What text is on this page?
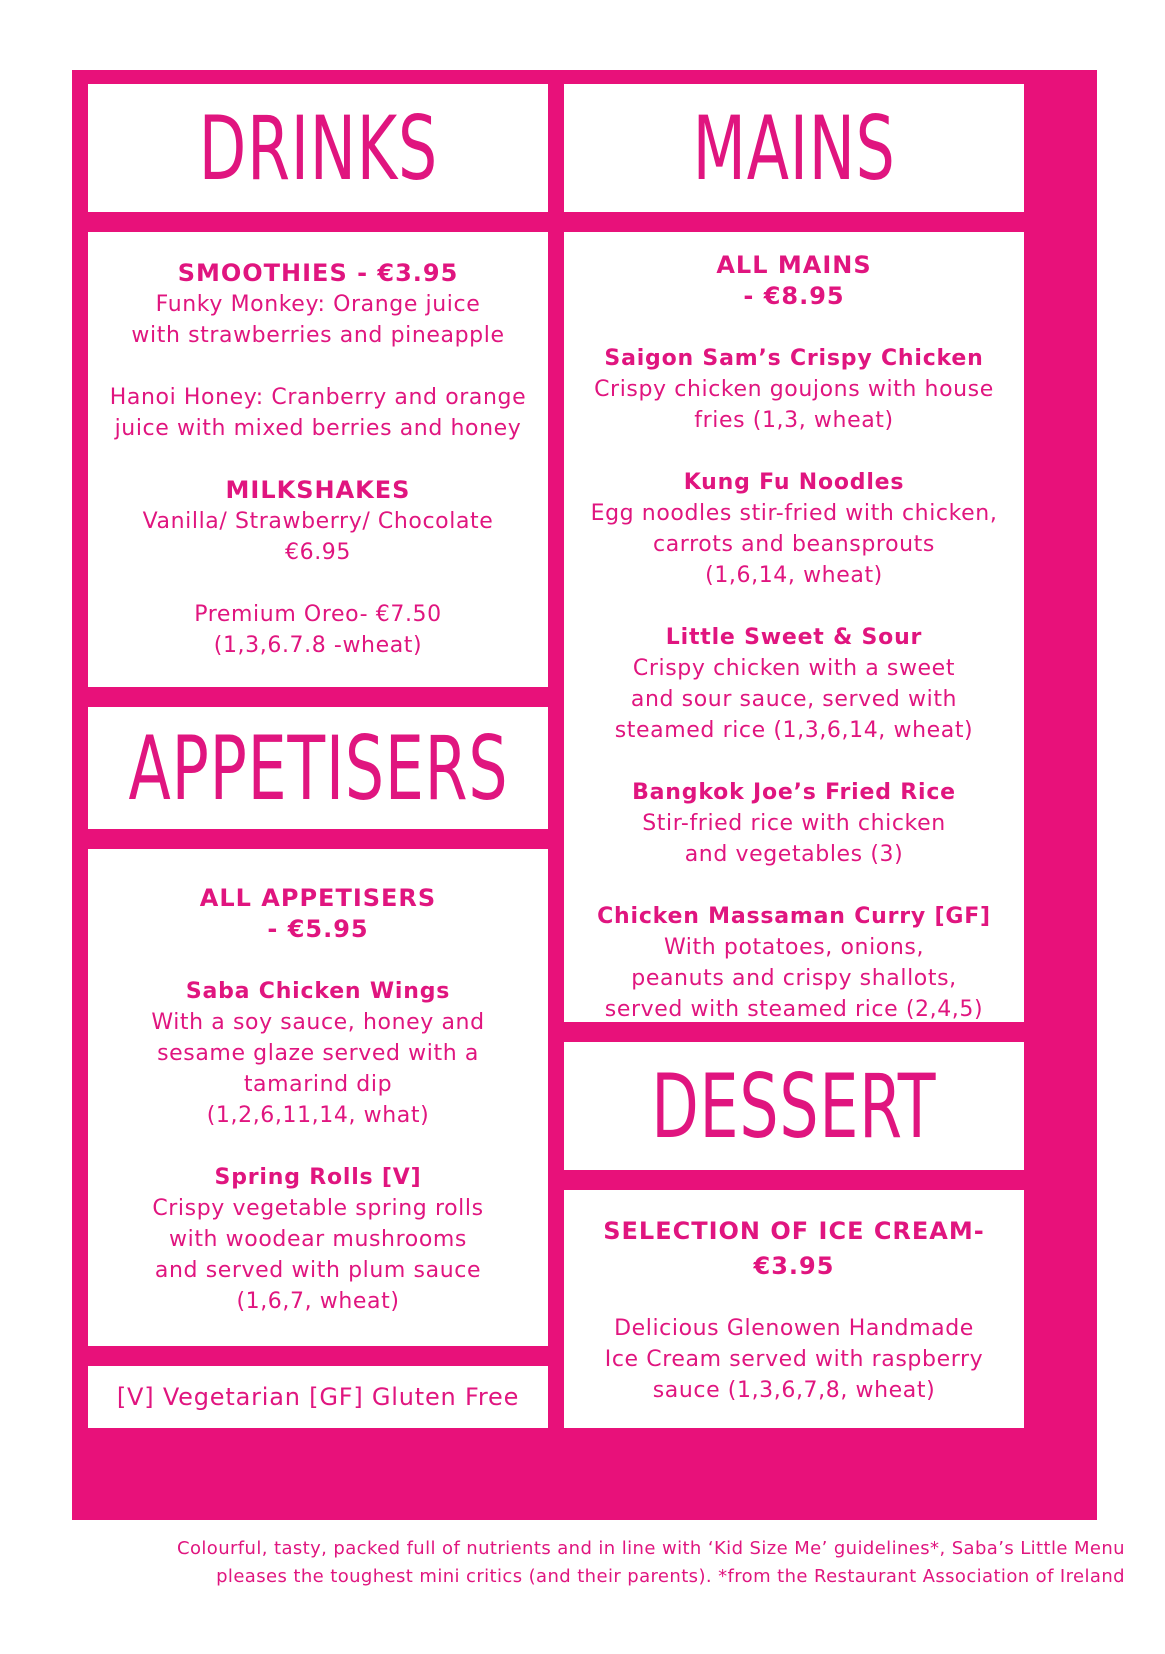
DRINKS	MAINS
SMOOTHIES - €3.95
Funky Monkey: Orange juice
with strawberries and pineapple
Hanoi Honey: Cranberry and orange
juice with mixed berries and honey
MILKSHAKES
Vanilla/ Strawberry/ Chocolate
€6.95
Premium Oreo- €7.50
(1,3,6.7.8 -wheat)
APPETISERS
ALL APPETISERS
- €5.95
Saba Chicken Wings
With a soy sauce, honey and
sesame glaze served with a
tamarind dip
(1,2,6,11,14, what)
Spring Rolls [V]
Crispy vegetable spring rolls
with woodear mushrooms
and served with plum sauce
(1,6,7, wheat)
[V] Vegetarian [GF] Gluten Free
ALL MAINS
- €8.95
Saigon Sam’s Crispy Chicken
Crispy chicken goujons with house
fries (1,3, wheat)
Kung Fu Noodles
Egg noodles stir-fried with chicken,
carrots and beansprouts
(1,6,14, wheat)
Little Sweet & Sour
Crispy chicken with a sweet
and sour sauce, served with
steamed rice (1,3,6,14, wheat)
Bangkok Joe’s Fried Rice
Stir-fried rice with chicken
and vegetables (3)
Chicken Massaman Curry [GF]
With potatoes, onions,
peanuts and crispy shallots,
served with steamed rice (2,4,5)
DESSERT
SELECTION OF ICE CREAM-
€3.95
Delicious Glenowen Handmade
Ice Cream served with raspberry
sauce (1,3,6,7,8, wheat)
Colourful, tasty, packed full of nutrients and in line with ‘Kid Size Me’ guidelines*, Saba’s Little Menu
pleases the toughest mini critics (and their parents). *from the Restaurant Association of Ireland
